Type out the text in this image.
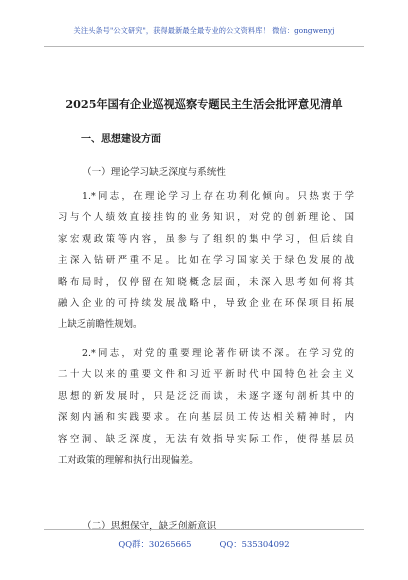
关注头条号"公文研究"，获得最新最全最专业的公文资料库！ 微信：gongwenyj
2025年国有企业巡视巡察专题民主生活会批评意见清单
一、思想建设方面
（一）理论学习缺乏深度与系统性
1.*同志，在理论学习上存在功利化倾向。只热衷于学
习与个人绩效直接挂钩的业务知识，对党的创新理论、国
家宏观政策等内容，虽参与了组织的集中学习，但后续自
主深入钻研严重不足。比如在学习国家关于绿色发展的战
略布局时，仅停留在知晓概念层面，未深入思考如何将其
融入企业的可持续发展战略中，导致企业在环保项目拓展
上缺乏前瞻性规划。
2.*同志，对党的重要理论著作研读不深。在学习党的
二十大以来的重要文件和习近平新时代中国特色社会主义
思想的新发展时，只是泛泛而读，未逐字逐句剖析其中的
深刻内涵和实践要求。在向基层员工传达相关精神时，内
容空洞、缺乏深度，无法有效指导实际工作，使得基层员
工对政策的理解和执行出现偏差。
（二）思想保守，缺乏创新意识
QQ群：30265665	QQ：535304092
